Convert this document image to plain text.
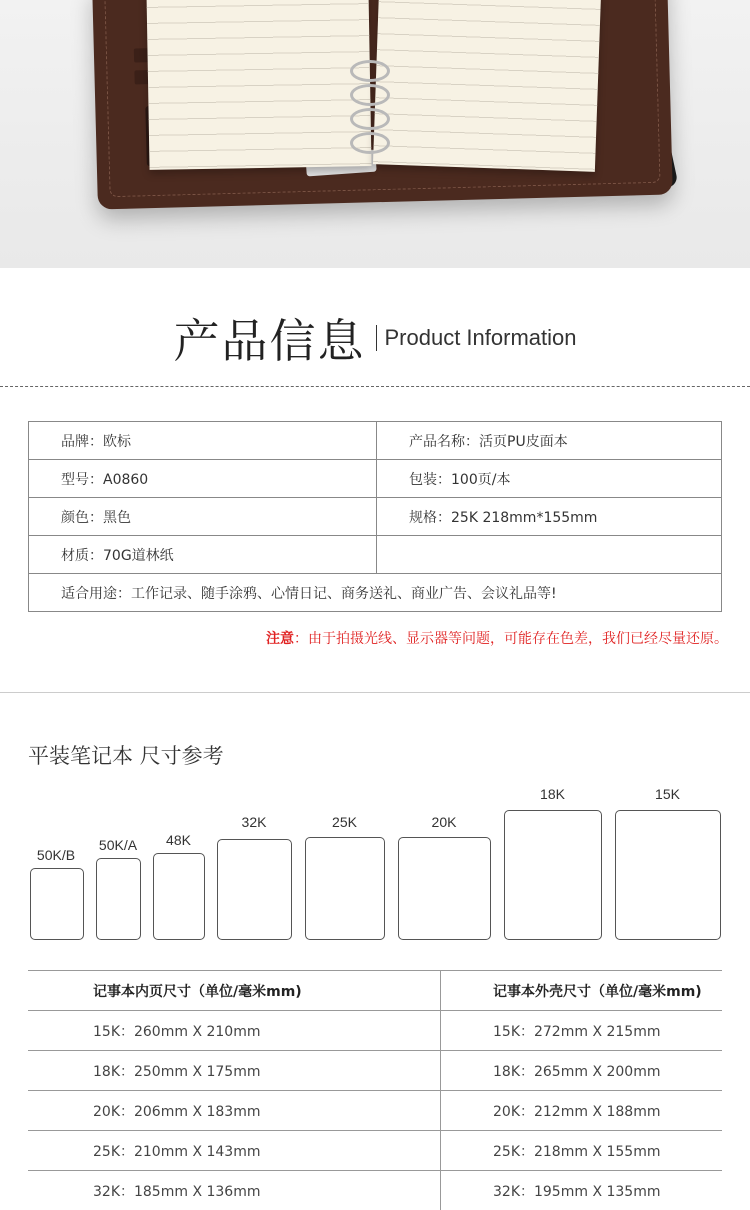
产品信息 Product Information
品牌：欧标	产品名称：活页PU皮面本
型号：A0860	包装：100页/本
颜色：黑色	规格：25K 218mm*155mm
材质：70G道林纸	
适合用途：工作记录、随手涂鸦、心情日记、商务送礼、商业广告、会议礼品等!	
注意：由于拍摄光线、显示器等问题，可能存在色差，我们已经尽量还原。
平装笔记本 尺寸参考
50K/B
50K/A	48K
32K	25K	20K
18K	15K
记事本内页尺寸（单位/毫米mm)	记事本外壳尺寸（单位/毫米mm)
15K：260mm X 210mm	15K：272mm X 215mm
18K：250mm X 175mm	18K：265mm X 200mm
20K：206mm X 183mm	20K：212mm X 188mm
25K：210mm X 143mm	25K：218mm X 155mm
32K：185mm X 136mm	32K：195mm X 135mm
